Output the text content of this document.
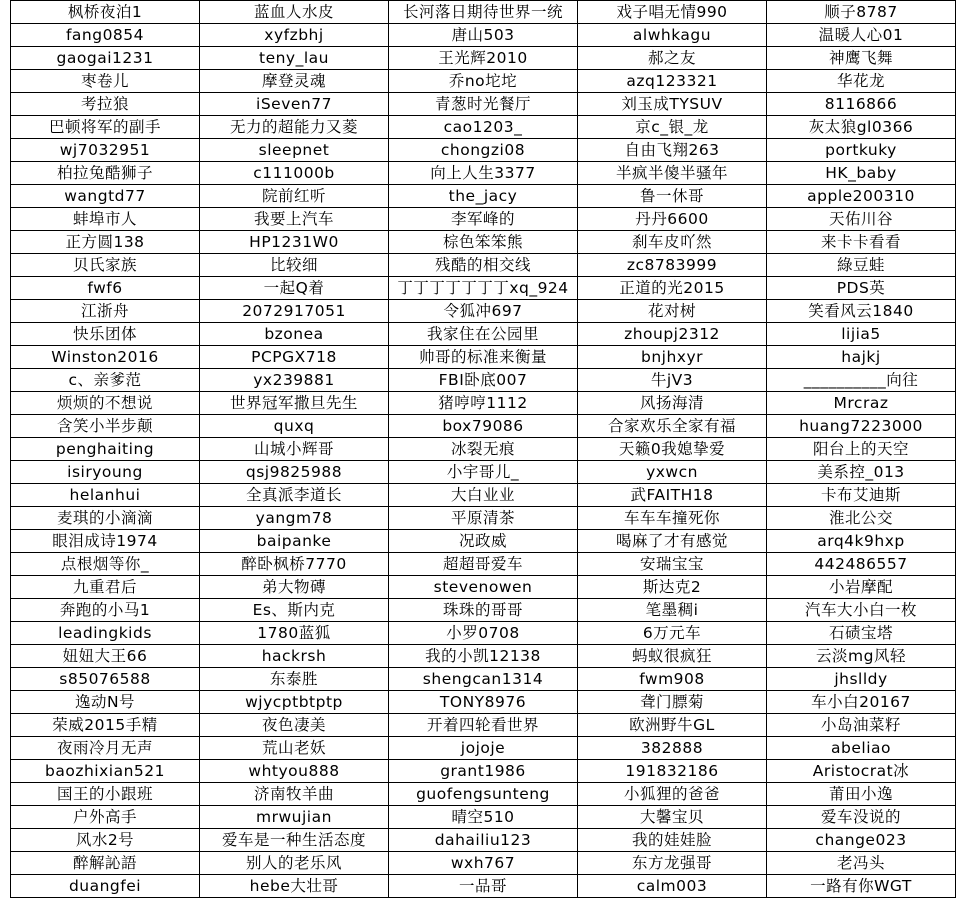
枫桥夜泊1	蓝血人水皮	长河落日期待世界一统	戏子唱无情990	顺子8787
fang0854	xyfzbhj	唐山503	alwhkagu	温暖人心01
gaogai1231	teny_lau	王光辉2010	郝之友	神鹰飞舞
枣卷儿	摩登灵魂	乔no坨坨	azq123321	华花龙
考拉狼	iSeven77	青葱时光餐厅	刘玉成TYSUV	8116866
巴顿将军的副手	无力的超能力又菱	cao1203_	京c_银_龙	灰太狼gl0366
wj7032951	sleepnet	chongzi08	自由飞翔263	portkuky
柏拉兔酷狮子	c111000b	向上人生3377	半疯半傻半骚年	HK_baby
wangtd77	院前红听	the_jacy	鲁一休哥	apple200310
蚌埠市人	我要上汽车	李军峰的	丹丹6600	天佑川谷
正方圆138	HP1231W0	棕色笨笨熊	刹车皮吖然	来卡卡看看
贝氏家族	比较细	残酷的相交线	zc8783999	綠豆蛙
fwf6	一起Q着	丁丁丁丁丁丁丁xq_924	正道的光2015	PDS英
江浙舟	2072917051	令狐冲697	花对树	笑看风云1840
快乐团体	bzonea	我家住在公园里	zhoupj2312	lijia5
Winston2016	PCPGX718	帅哥的标准来衡量	bnjhxyr	hajkj
c、亲爹范	yx239881	FBI卧底007	牛jV3	__________向往
烦烦的不想说	世界冠军撒旦先生	猪哼哼1112	风扬海清	Mrcraz
含笑小半步颠	quxq	box79086	合家欢乐全家有福	huang7223000
penghaiting	山城小辉哥	冰裂无痕	天籁0我媳挚爱	阳台上的天空
isiryoung	qsj9825988	小宇哥儿_	yxwcn	美系控_013
helanhui	全真派李道长	大白业业	武FAITH18	卡布艾迪斯
麦琪的小滴滴	yangm78	平原清茶	车车车撞死你	淮北公交
眼泪成诗1974	baipanke	况政威	喝麻了才有感觉	arq4k9hxp
点根烟等你_	醉卧枫桥7770	超超哥爱车	安瑞宝宝	442486557
九重君后	弟大物磚	stevenowen	斯达克2	小岩摩配
奔跑的小马1	Es、斯内克	珠珠的哥哥	笔墨稠i	汽车大小白一枚
leadingkids	1780蓝狐	小罗0708	6万元车	石碛宝塔
妞妞大王66	hackrsh	我的小凯12138	蚂蚁很疯狂	云淡mg风轻
s85076588	东泰胜	shengcan1314	fwm908	jhslldy
逸动N号	wjycptbtptp	TONY8976	聋门膘菊	车小白20167
荣威2015手精	夜色凄美	开着四轮看世界	欧洲野牛GL	小岛油菜籽
夜雨冷月无声	荒山老妖	jojoje	382888	abeliao
baozhixian521	whtyou888	grant1986	191832186	Aristocrat冰
国王的小跟班	济南牧羊曲	guofengsunteng	小狐狸的爸爸	莆田小逸
户外高手	mrwujian	晴空510	大馨宝贝	爱车没说的
风水2号	爱车是一种生活态度	dahailiu123	我的娃娃脸	change023
醉解訫語	别人的老乐风	wxh767	东方龙强哥	老冯头
duangfei	hebe大壮哥	一品哥	calm003	一路有你WGT
